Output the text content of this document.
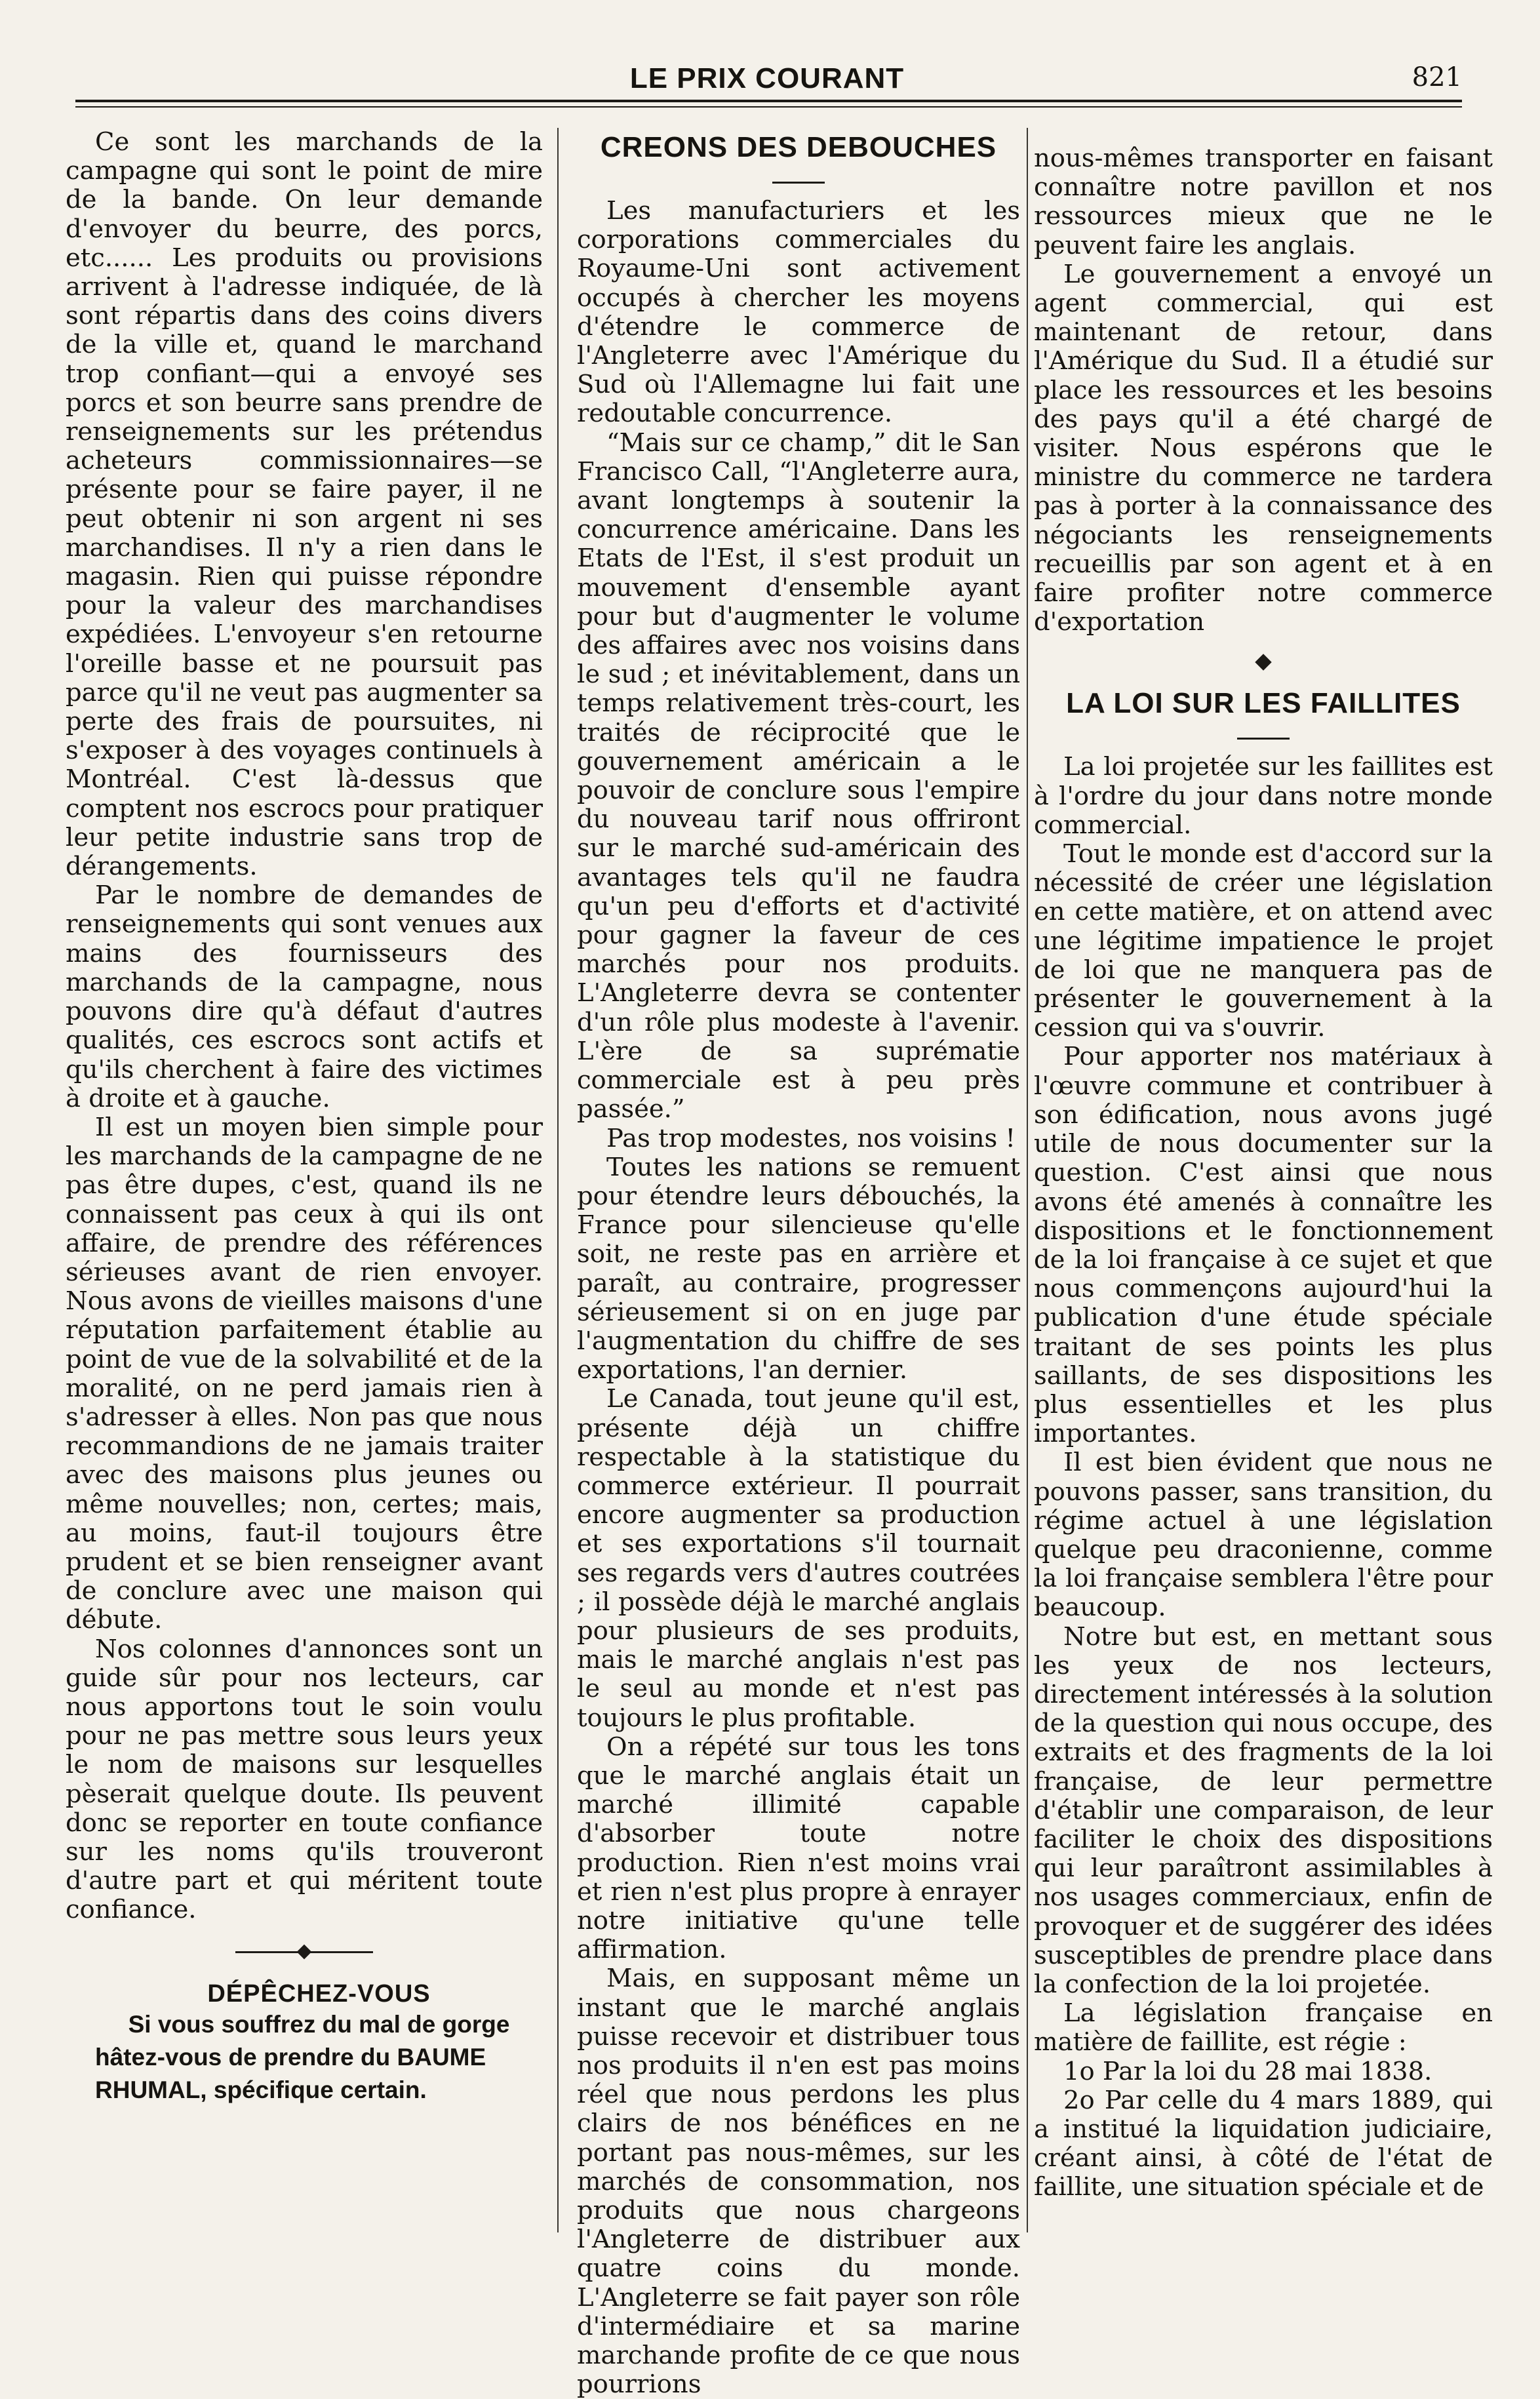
LE PRIX COURANT	821

Ce sont les marchands de la campagne qui sont le point de mire de la bande. On leur demande d'envoyer du beurre, des porcs, etc...... Les produits ou provisions arrivent à l'adresse indiquée, de là sont répartis dans des coins divers de la ville et, quand le marchand trop confiant—qui a envoyé ses porcs et son beurre sans prendre de renseignements sur les prétendus acheteurs commissionnaires—se présente pour se faire payer, il ne peut obtenir ni son argent ni ses marchandises. Il n'y a rien dans le magasin. Rien qui puisse répondre pour la valeur des marchandises expédiées. L'envoyeur s'en retourne l'oreille basse et ne poursuit pas parce qu'il ne veut pas augmenter sa perte des frais de poursuites, ni s'exposer à des voyages continuels à Montréal. C'est là-dessus que comptent nos escrocs pour pratiquer leur petite industrie sans trop de dérangements.

Par le nombre de demandes de renseignements qui sont venues aux mains des fournisseurs des marchands de la campagne, nous pouvons dire qu'à défaut d'autres qualités, ces escrocs sont actifs et qu'ils cherchent à faire des victimes à droite et à gauche.

Il est un moyen bien simple pour les marchands de la campagne de ne pas être dupes, c'est, quand ils ne connaissent pas ceux à qui ils ont affaire, de prendre des références sérieuses avant de rien envoyer. Nous avons de vieilles maisons d'une réputation parfaitement établie au point de vue de la solvabilité et de la moralité, on ne perd jamais rien à s'adresser à elles. Non pas que nous recommandions de ne jamais traiter avec des maisons plus jeunes ou même nouvelles; non, certes; mais, au moins, faut-il toujours être prudent et se bien renseigner avant de conclure avec une maison qui débute.

Nos colonnes d'annonces sont un guide sûr pour nos lecteurs, car nous apportons tout le soin voulu pour ne pas mettre sous leurs yeux le nom de maisons sur lesquelles pèserait quelque doute. Ils peuvent donc se reporter en toute confiance sur les noms qu'ils trouveront d'autre part et qui méritent toute confiance.

DÉPÊCHEZ-VOUS

Si vous souffrez du mal de gorge

hâtez-vous de prendre du BAUME

RHUMAL, spécifique certain.

CREONS DES DEBOUCHES

Les manufacturiers et les corporations commerciales du Royaume-Uni sont activement occupés à chercher les moyens d'étendre le commerce de l'Angleterre avec l'Amérique du Sud où l'Allemagne lui fait une redoutable concurrence.

“Mais sur ce champ,” dit le San Francisco Call, “l'Angleterre aura, avant longtemps à soutenir la concurrence américaine. Dans les Etats de l'Est, il s'est produit un mouvement d'ensemble ayant pour but d'augmenter le volume des affaires avec nos voisins dans le sud ; et inévitablement, dans un temps relativement très-court, les traités de réciprocité que le gouvernement américain a le pouvoir de conclure sous l'empire du nouveau tarif nous offriront sur le marché sud-américain des avantages tels qu'il ne faudra qu'un peu d'efforts et d'activité pour gagner la faveur de ces marchés pour nos produits. L'Angleterre devra se contenter d'un rôle plus modeste à l'avenir. L'ère de sa suprématie commerciale est à peu près passée.”

Pas trop modestes, nos voisins !

Toutes les nations se remuent pour étendre leurs débouchés, la France pour silencieuse qu'elle soit, ne reste pas en arrière et paraît, au contraire, progresser sérieusement si on en juge par l'augmentation du chiffre de ses exportations, l'an dernier.

Le Canada, tout jeune qu'il est, présente déjà un chiffre respectable à la statistique du commerce extérieur. Il pourrait encore augmenter sa production et ses exportations s'il tournait ses regards vers d'autres coutrées ; il possède déjà le marché anglais pour plusieurs de ses produits, mais le marché anglais n'est pas le seul au monde et n'est pas toujours le plus profitable.

On a répété sur tous les tons que le marché anglais était un marché illimité capable d'absorber toute notre production. Rien n'est moins vrai et rien n'est plus propre à enrayer notre initiative qu'une telle affirmation.

Mais, en supposant même un instant que le marché anglais puisse recevoir et distribuer tous nos produits il n'en est pas moins réel que nous perdons les plus clairs de nos bénéfices en ne portant pas nous-mêmes, sur les marchés de consommation, nos produits que nous chargeons l'Angleterre de distribuer aux quatre coins du monde. L'Angleterre se fait payer son rôle d'intermédiaire et sa marine marchande profite de ce que nous pourrions

nous-mêmes transporter en faisant connaître notre pavillon et nos ressources mieux que ne le peuvent faire les anglais.

Le gouvernement a envoyé un agent commercial, qui est maintenant de retour, dans l'Amérique du Sud. Il a étudié sur place les ressources et les besoins des pays qu'il a été chargé de visiter. Nous espérons que le ministre du commerce ne tardera pas à porter à la connaissance des négociants les renseignements recueillis par son agent et à en faire profiter notre commerce d'exportation

LA LOI SUR LES FAILLITES

La loi projetée sur les faillites est à l'ordre du jour dans notre monde commercial.

Tout le monde est d'accord sur la nécessité de créer une législation en cette matière, et on attend avec une légitime impatience le projet de loi que ne manquera pas de présenter le gouvernement à la cession qui va s'ouvrir.

Pour apporter nos matériaux à l'œuvre commune et contribuer à son édification, nous avons jugé utile de nous documenter sur la question. C'est ainsi que nous avons été amenés à connaître les dispositions et le fonctionnement de la loi française à ce sujet et que nous commençons aujourd'hui la publication d'une étude spéciale traitant de ses points les plus saillants, de ses dispositions les plus essentielles et les plus importantes.

Il est bien évident que nous ne pouvons passer, sans transition, du régime actuel à une législation quelque peu draconienne, comme la loi française semblera l'être pour beaucoup.

Notre but est, en mettant sous les yeux de nos lecteurs, directement intéressés à la solution de la question qui nous occupe, des extraits et des fragments de la loi française, de leur permettre d'établir une comparaison, de leur faciliter le choix des dispositions qui leur paraîtront assimilables à nos usages commerciaux, enfin de provoquer et de suggérer des idées susceptibles de prendre place dans la confection de la loi projetée.

La législation française en matière de faillite, est régie :

1o Par la loi du 28 mai 1838.

2o Par celle du 4 mars 1889, qui a institué la liquidation judiciaire, créant ainsi, à côté de l'état de faillite, une situation spéciale et de
